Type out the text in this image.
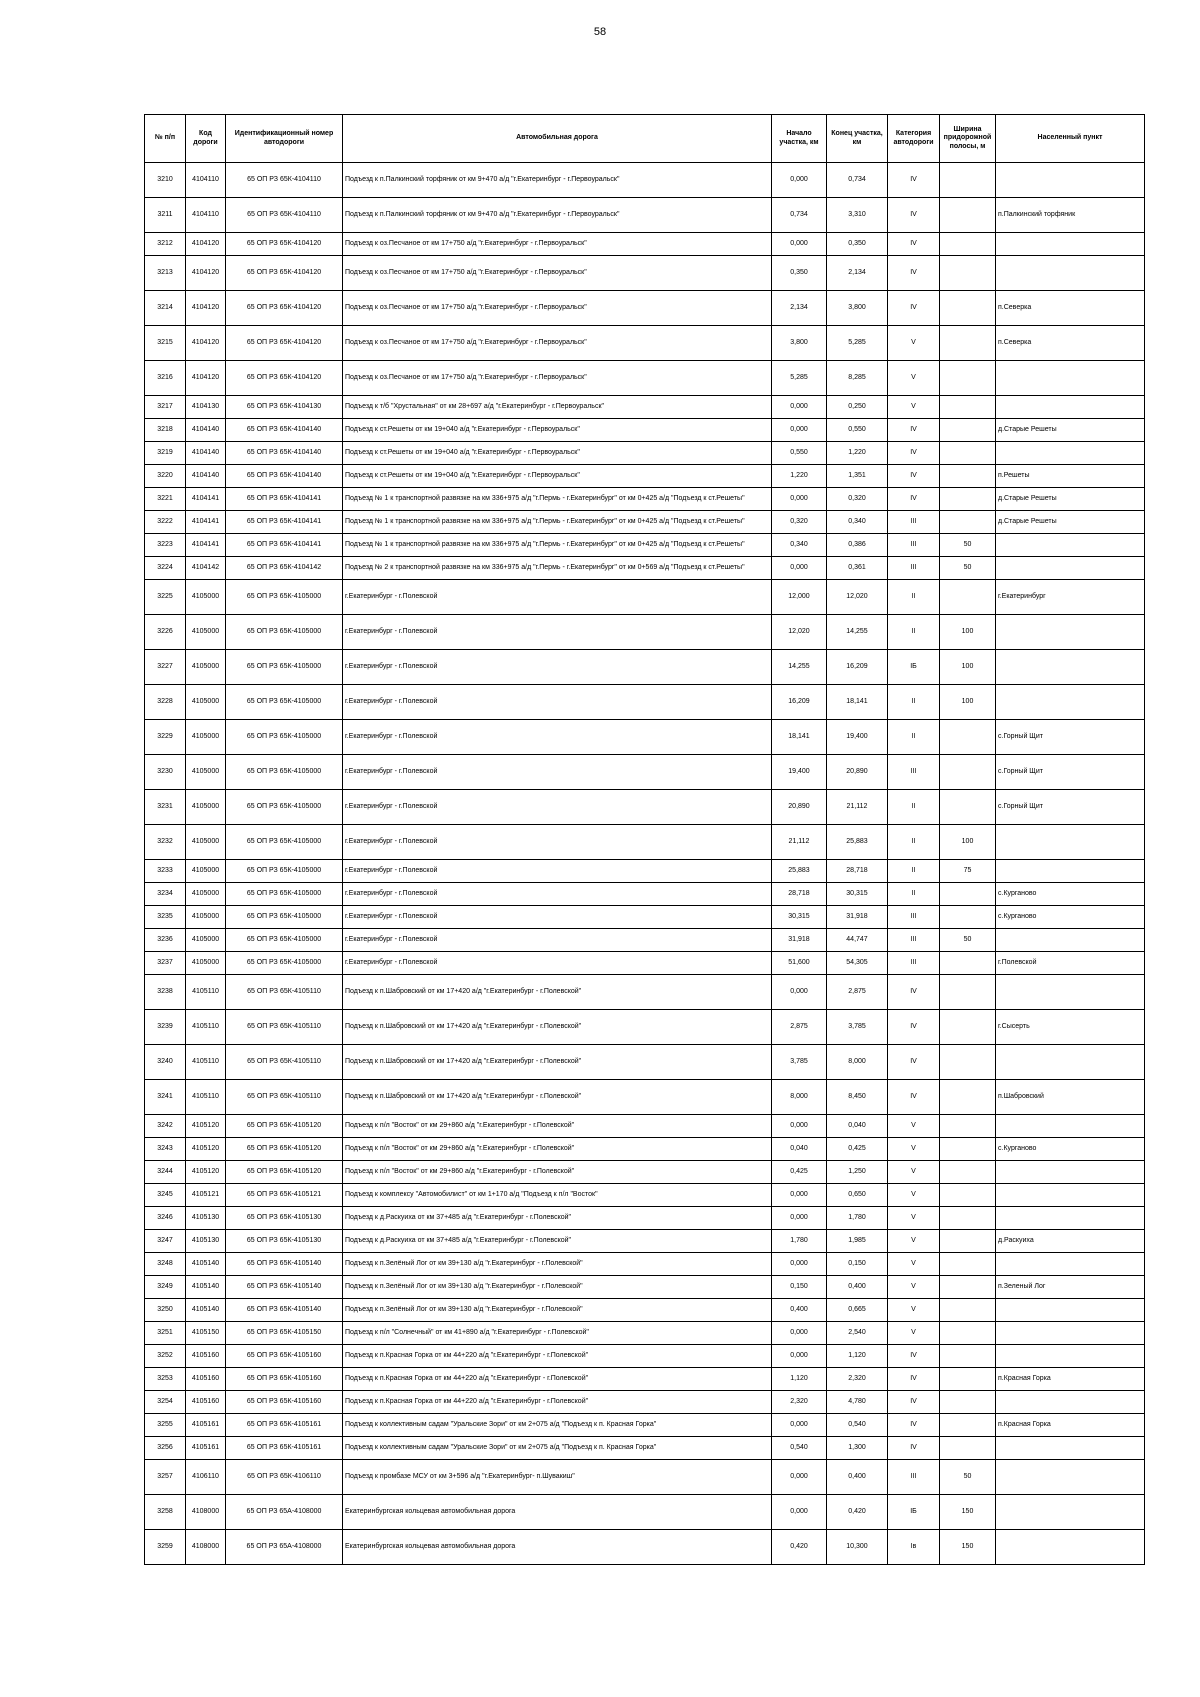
58
№ п/п	Код дороги	Идентификационный номер автодороги	Автомобильная дорога	Начало участка, км	Конец участка, км	Категория автодороги	Ширина придорожной полосы, м	Населенный пункт
3210	4104110	65 ОП РЗ 65К-4104110	Подъезд к п.Палкинский торфяник от км 9+470 а/д "г.Екатеринбург - г.Первоуральск"	0,000	0,734	IV		
3211	4104110	65 ОП РЗ 65К-4104110	Подъезд к п.Палкинский торфяник от км 9+470 а/д "г.Екатеринбург - г.Первоуральск"	0,734	3,310	IV		п.Палкинский торфяник
3212	4104120	65 ОП РЗ 65К-4104120	Подъезд к оз.Песчаное от км 17+750 а/д "г.Екатеринбург - г.Первоуральск"	0,000	0,350	IV		
3213	4104120	65 ОП РЗ 65К-4104120	Подъезд к оз.Песчаное от км 17+750 а/д "г.Екатеринбург - г.Первоуральск"	0,350	2,134	IV		
3214	4104120	65 ОП РЗ 65К-4104120	Подъезд к оз.Песчаное от км 17+750 а/д "г.Екатеринбург - г.Первоуральск"	2,134	3,800	IV		п.Северка
3215	4104120	65 ОП РЗ 65К-4104120	Подъезд к оз.Песчаное от км 17+750 а/д "г.Екатеринбург - г.Первоуральск"	3,800	5,285	V		п.Северка
3216	4104120	65 ОП РЗ 65К-4104120	Подъезд к оз.Песчаное от км 17+750 а/д "г.Екатеринбург - г.Первоуральск"	5,285	8,285	V		
3217	4104130	65 ОП РЗ 65К-4104130	Подъезд к т/б "Хрустальная" от км 28+697 а/д "г.Екатеринбург - г.Первоуральск"	0,000	0,250	V		
3218	4104140	65 ОП РЗ 65К-4104140	Подъезд к ст.Решеты от км 19+040 а/д "г.Екатеринбург - г.Первоуральск"	0,000	0,550	IV		д.Старые Решеты
3219	4104140	65 ОП РЗ 65К-4104140	Подъезд к ст.Решеты от км 19+040 а/д "г.Екатеринбург - г.Первоуральск"	0,550	1,220	IV		
3220	4104140	65 ОП РЗ 65К-4104140	Подъезд к ст.Решеты от км 19+040 а/д "г.Екатеринбург - г.Первоуральск"	1,220	1,351	IV		п.Решеты
3221	4104141	65 ОП РЗ 65К-4104141	Подъезд № 1 к транспортной развязке на км 336+975 а/д "г.Пермь - г.Екатеринбург" от км 0+425 а/д "Подъезд к ст.Решеты"	0,000	0,320	IV		д.Старые Решеты
3222	4104141	65 ОП РЗ 65К-4104141	Подъезд № 1 к транспортной развязке на км 336+975 а/д "г.Пермь - г.Екатеринбург" от км 0+425 а/д "Подъезд к ст.Решеты"	0,320	0,340	III		д.Старые Решеты
3223	4104141	65 ОП РЗ 65К-4104141	Подъезд № 1 к транспортной развязке на км 336+975 а/д "г.Пермь - г.Екатеринбург" от км 0+425 а/д "Подъезд к ст.Решеты"	0,340	0,386	III	50	
3224	4104142	65 ОП РЗ 65К-4104142	Подъезд № 2 к транспортной развязке на км 336+975 а/д "г.Пермь - г.Екатеринбург" от км 0+569 а/д "Подъезд к ст.Решеты"	0,000	0,361	III	50	
3225	4105000	65 ОП РЗ 65К-4105000	г.Екатеринбург - г.Полевской	12,000	12,020	II		г.Екатеринбург
3226	4105000	65 ОП РЗ 65К-4105000	г.Екатеринбург - г.Полевской	12,020	14,255	II	100	
3227	4105000	65 ОП РЗ 65К-4105000	г.Екатеринбург - г.Полевской	14,255	16,209	IБ	100	
3228	4105000	65 ОП РЗ 65К-4105000	г.Екатеринбург - г.Полевской	16,209	18,141	II	100	
3229	4105000	65 ОП РЗ 65К-4105000	г.Екатеринбург - г.Полевской	18,141	19,400	II		с.Горный Щит
3230	4105000	65 ОП РЗ 65К-4105000	г.Екатеринбург - г.Полевской	19,400	20,890	III		с.Горный Щит
3231	4105000	65 ОП РЗ 65К-4105000	г.Екатеринбург - г.Полевской	20,890	21,112	II		с.Горный Щит
3232	4105000	65 ОП РЗ 65К-4105000	г.Екатеринбург - г.Полевской	21,112	25,883	II	100	
3233	4105000	65 ОП РЗ 65К-4105000	г.Екатеринбург - г.Полевской	25,883	28,718	II	75	
3234	4105000	65 ОП РЗ 65К-4105000	г.Екатеринбург - г.Полевской	28,718	30,315	II		с.Курганово
3235	4105000	65 ОП РЗ 65К-4105000	г.Екатеринбург - г.Полевской	30,315	31,918	III		с.Курганово
3236	4105000	65 ОП РЗ 65К-4105000	г.Екатеринбург - г.Полевской	31,918	44,747	III	50	
3237	4105000	65 ОП РЗ 65К-4105000	г.Екатеринбург - г.Полевской	51,600	54,305	III		г.Полевской
3238	4105110	65 ОП РЗ 65К-4105110	Подъезд к п.Шабровский от км 17+420 а/д "г.Екатеринбург - г.Полевской"	0,000	2,875	IV		
3239	4105110	65 ОП РЗ 65К-4105110	Подъезд к п.Шабровский от км 17+420 а/д "г.Екатеринбург - г.Полевской"	2,875	3,785	IV		г.Сысерть
3240	4105110	65 ОП РЗ 65К-4105110	Подъезд к п.Шабровский от км 17+420 а/д "г.Екатеринбург - г.Полевской"	3,785	8,000	IV		
3241	4105110	65 ОП РЗ 65К-4105110	Подъезд к п.Шабровский от км 17+420 а/д "г.Екатеринбург - г.Полевской"	8,000	8,450	IV		п.Шабровский
3242	4105120	65 ОП РЗ 65К-4105120	Подъезд к п/л "Восток" от км 29+860 а/д "г.Екатеринбург - г.Полевской"	0,000	0,040	V		
3243	4105120	65 ОП РЗ 65К-4105120	Подъезд к п/л "Восток" от км 29+860 а/д "г.Екатеринбург - г.Полевской"	0,040	0,425	V		с.Курганово
3244	4105120	65 ОП РЗ 65К-4105120	Подъезд к п/л "Восток" от км 29+860 а/д "г.Екатеринбург - г.Полевской"	0,425	1,250	V		
3245	4105121	65 ОП РЗ 65К-4105121	Подъезд к комплексу "Автомобилист" от км 1+170 а/д "Подъезд к п/л "Восток"	0,000	0,650	V		
3246	4105130	65 ОП РЗ 65К-4105130	Подъезд к д.Раскуиха от км 37+485 а/д "г.Екатеринбург - г.Полевской"	0,000	1,780	V		
3247	4105130	65 ОП РЗ 65К-4105130	Подъезд к д.Раскуиха от км 37+485 а/д "г.Екатеринбург - г.Полевской"	1,780	1,985	V		д.Раскуиха
3248	4105140	65 ОП РЗ 65К-4105140	Подъезд к п.Зелёный Лог от км 39+130 а/д "г.Екатеринбург - г.Полевской"	0,000	0,150	V		
3249	4105140	65 ОП РЗ 65К-4105140	Подъезд к п.Зелёный Лог от км 39+130 а/д "г.Екатеринбург - г.Полевской"	0,150	0,400	V		п.Зеленый Лог
3250	4105140	65 ОП РЗ 65К-4105140	Подъезд к п.Зелёный Лог от км 39+130 а/д "г.Екатеринбург - г.Полевской"	0,400	0,665	V		
3251	4105150	65 ОП РЗ 65К-4105150	Подъезд к п/л "Солнечный" от км 41+890 а/д "г.Екатеринбург - г.Полевской"	0,000	2,540	V		
3252	4105160	65 ОП РЗ 65К-4105160	Подъезд к п.Красная Горка от км 44+220 а/д "г.Екатеринбург - г.Полевской"	0,000	1,120	IV		
3253	4105160	65 ОП РЗ 65К-4105160	Подъезд к п.Красная Горка от км 44+220 а/д "г.Екатеринбург - г.Полевской"	1,120	2,320	IV		п.Красная Горка
3254	4105160	65 ОП РЗ 65К-4105160	Подъезд к п.Красная Горка от км 44+220 а/д "г.Екатеринбург - г.Полевской"	2,320	4,780	IV		
3255	4105161	65 ОП РЗ 65К-4105161	Подъезд к коллективным садам "Уральские Зори" от км 2+075 а/д "Подъезд к п. Красная Горка"	0,000	0,540	IV		п.Красная Горка
3256	4105161	65 ОП РЗ 65К-4105161	Подъезд к коллективным садам "Уральские Зори" от км 2+075 а/д "Подъезд к п. Красная Горка"	0,540	1,300	IV		
3257	4106110	65 ОП РЗ 65К-4106110	Подъезд к промбазе МСУ от км 3+596 а/д "г.Екатеринбург- п.Шувакиш"	0,000	0,400	III	50	
3258	4108000	65 ОП РЗ 65А-4108000	Екатеринбургская кольцевая автомобильная дорога	0,000	0,420	IБ	150	
3259	4108000	65 ОП РЗ 65А-4108000	Екатеринбургская кольцевая автомобильная дорога	0,420	10,300	Iв	150	
